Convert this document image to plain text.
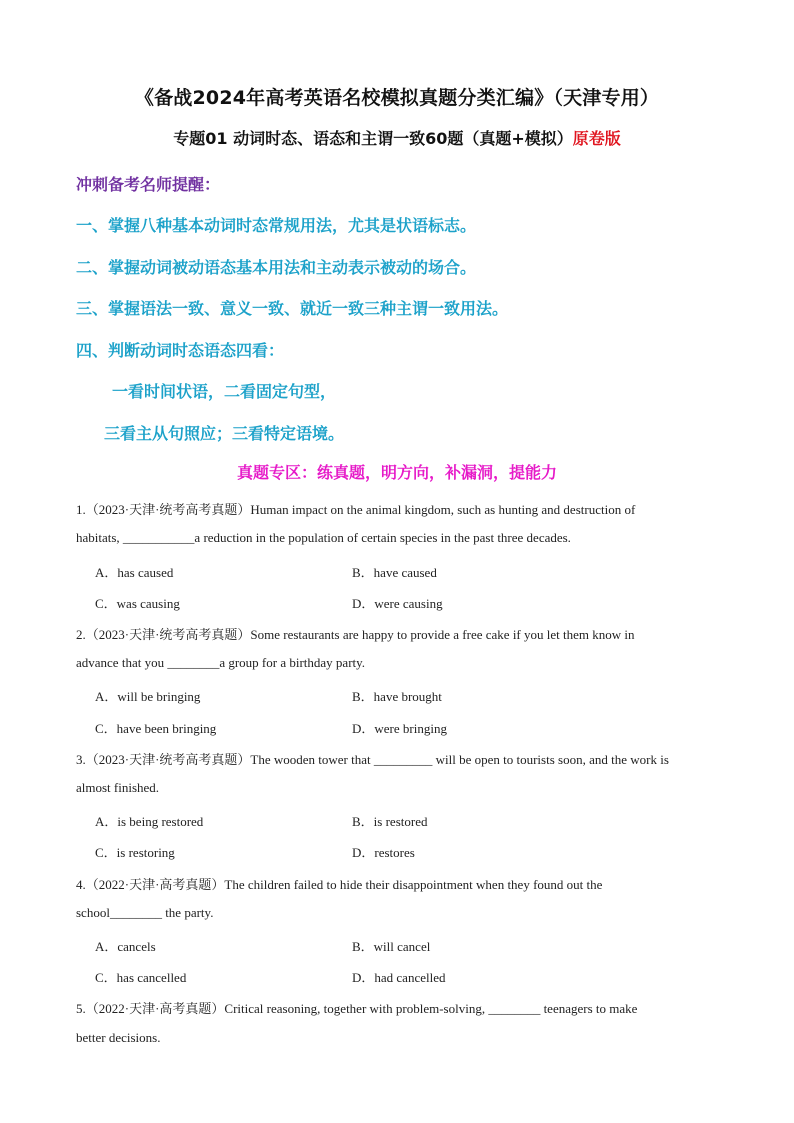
《备战2024年高考英语名校模拟真题分类汇编》（天津专用）
专题01 动词时态、语态和主谓一致60题（真题+模拟）原卷版
冲刺备考名师提醒：
一、掌握八种基本动词时态常规用法，尤其是状语标志。
二、掌握动词被动语态基本用法和主动表示被动的场合。
三、掌握语法一致、意义一致、就近一致三种主谓一致用法。
四、判断动词时态语态四看：
一看时间状语，二看固定句型，
三看主从句照应；三看特定语境。
真题专区：练真题，明方向，补漏洞，提能力
1.（2023·天津·统考高考真题）Human impact on the animal kingdom, such as hunting and destruction of
habitats, ___________a reduction in the population of certain species in the past three decades.
A．has caused	B．have caused
C．was causing	D．were causing
2.（2023·天津·统考高考真题）Some restaurants are happy to provide a free cake if you let them know in
advance that you ________a group for a birthday party.
A．will be bringing	B．have brought
C．have been bringing	D．were bringing
3.（2023·天津·统考高考真题）The wooden tower that _________ will be open to tourists soon, and the work is
almost finished.
A．is being restored	B．is restored
C．is restoring	D．restores
4.（2022·天津·高考真题）The children failed to hide their disappointment when they found out the
school________ the party.
A．cancels	B．will cancel
C．has cancelled	D．had cancelled
5.（2022·天津·高考真题）Critical reasoning, together with problem-solving, ________ teenagers to make
better decisions.
